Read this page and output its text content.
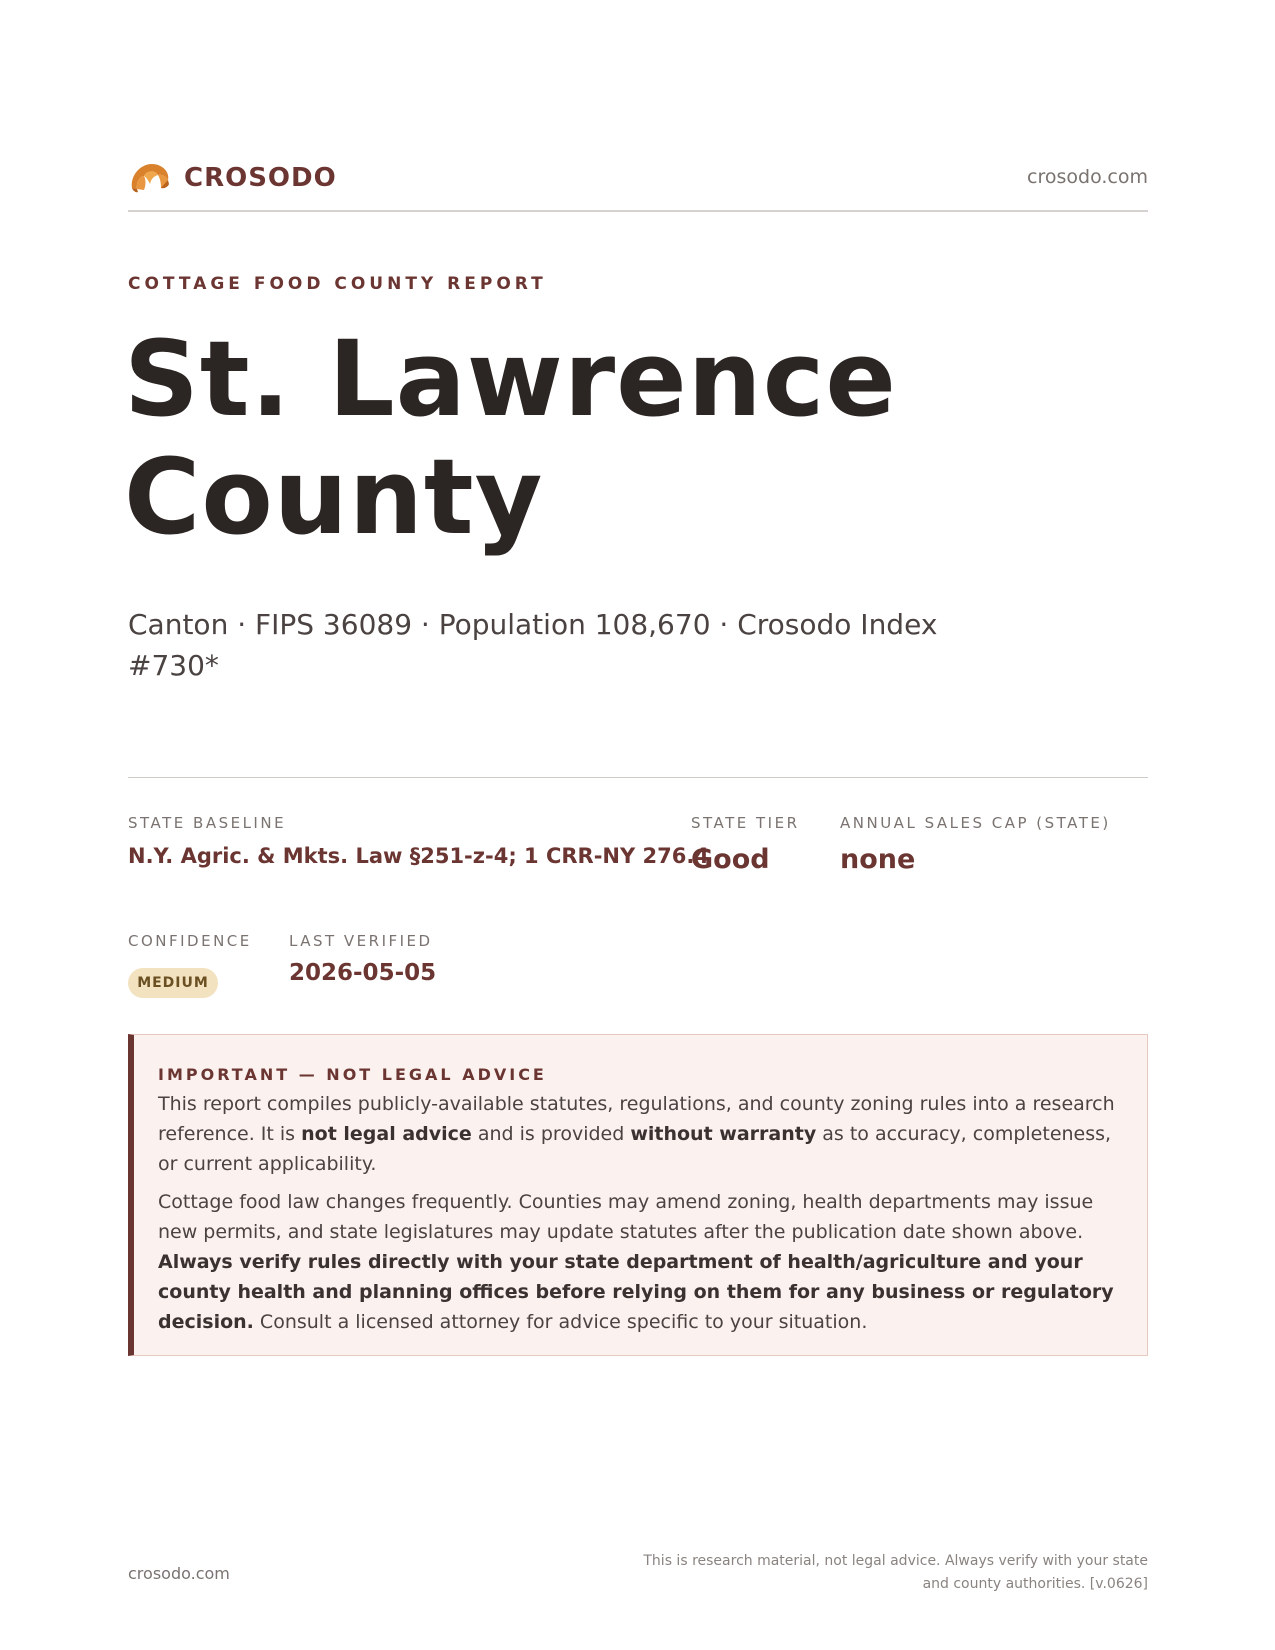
CROSODO	crosodo.com
COTTAGE FOOD COUNTY REPORT
St. Lawrence
County
Canton · FIPS 36089 · Population 108,670 · Crosodo Index #730*
STATE BASELINE
N.Y. Agric. & Mkts. Law §251-z-4; 1 CRR-NY 276.4
STATE TIER
Good
ANNUAL SALES CAP (STATE)
none
CONFIDENCE
MEDIUM
LAST VERIFIED
2026-05-05
IMPORTANT — NOT LEGAL ADVICE

This report compiles publicly-available statutes, regulations, and county zoning rules into a research reference. It is not legal advice and is provided without warranty as to accuracy, completeness, or current applicability.

Cottage food law changes frequently. Counties may amend zoning, health departments may issue new permits, and state legislatures may update statutes after the publication date shown above. Always verify rules directly with your state department of health/agriculture and your county health and planning offices before relying on them for any business or regulatory decision. Consult a licensed attorney for advice specific to your situation.

crosodo.com
This is research material, not legal advice. Always verify with your state
and county authorities. [v.0626]
